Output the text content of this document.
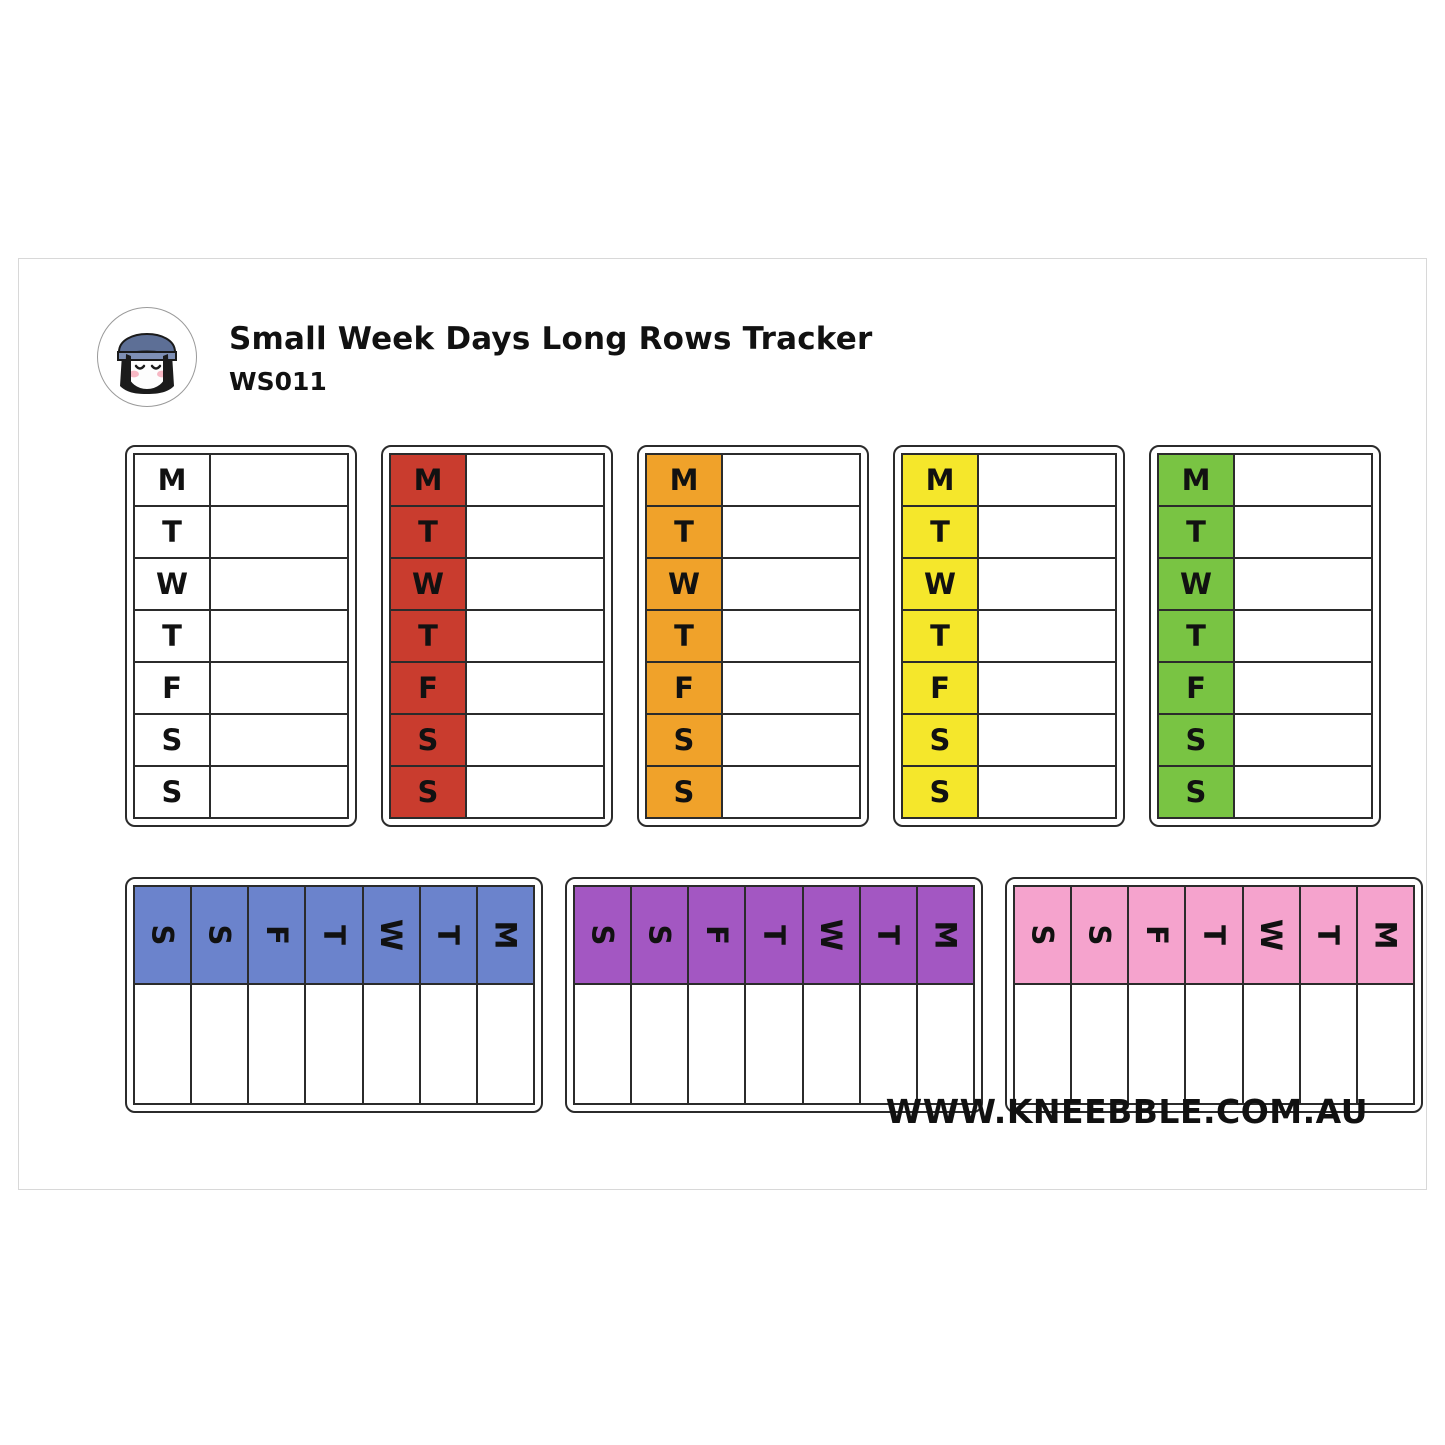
Small Week Days Long Rows Tracker
WS011
M
T
W
T
F
S
S
M
T
W
T
F
S
S
M
T
W
T
F
S
S
M
T
W
T
F
S
S
M
T
W
T
F
S
S
S S F T W T M S S F T W T M S S F T W T M
WWW.KNEEBBLE.COM.AU
